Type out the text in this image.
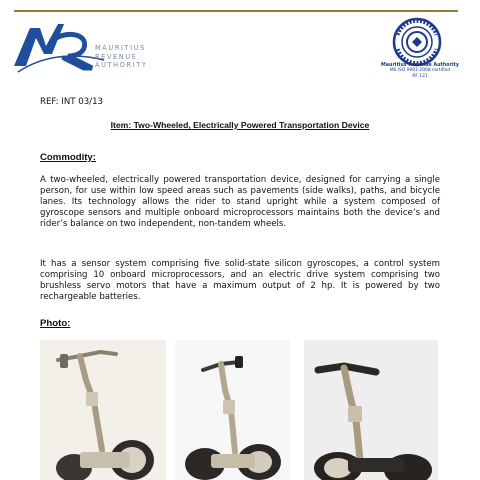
MAURITIUS
REVENUE
AUTHORITY	Mauritius Revenue Authority
MS ISO 9001:2008 certified
RF 121
REF: INT 03/13
Item: Two-Wheeled, Electrically Powered Transportation Device
Commodity:
A two-wheeled, electrically powered transportation device, designed for carrying a single person, for use within low speed areas such as pavements (side walks), paths, and bicycle lanes. Its technology allows the rider to stand upright while a system composed of gyroscope sensors and multiple onboard microprocessors maintains both the device’s and rider’s balance on two independent, non-tandem wheels.
It has a sensor system comprising five solid-state silicon gyroscopes, a control system comprising 10 onboard microprocessors, and an electric drive system comprising two brushless servo motors that have a maximum output of 2 hp. It is powered by two rechargeable batteries.
Photo:
